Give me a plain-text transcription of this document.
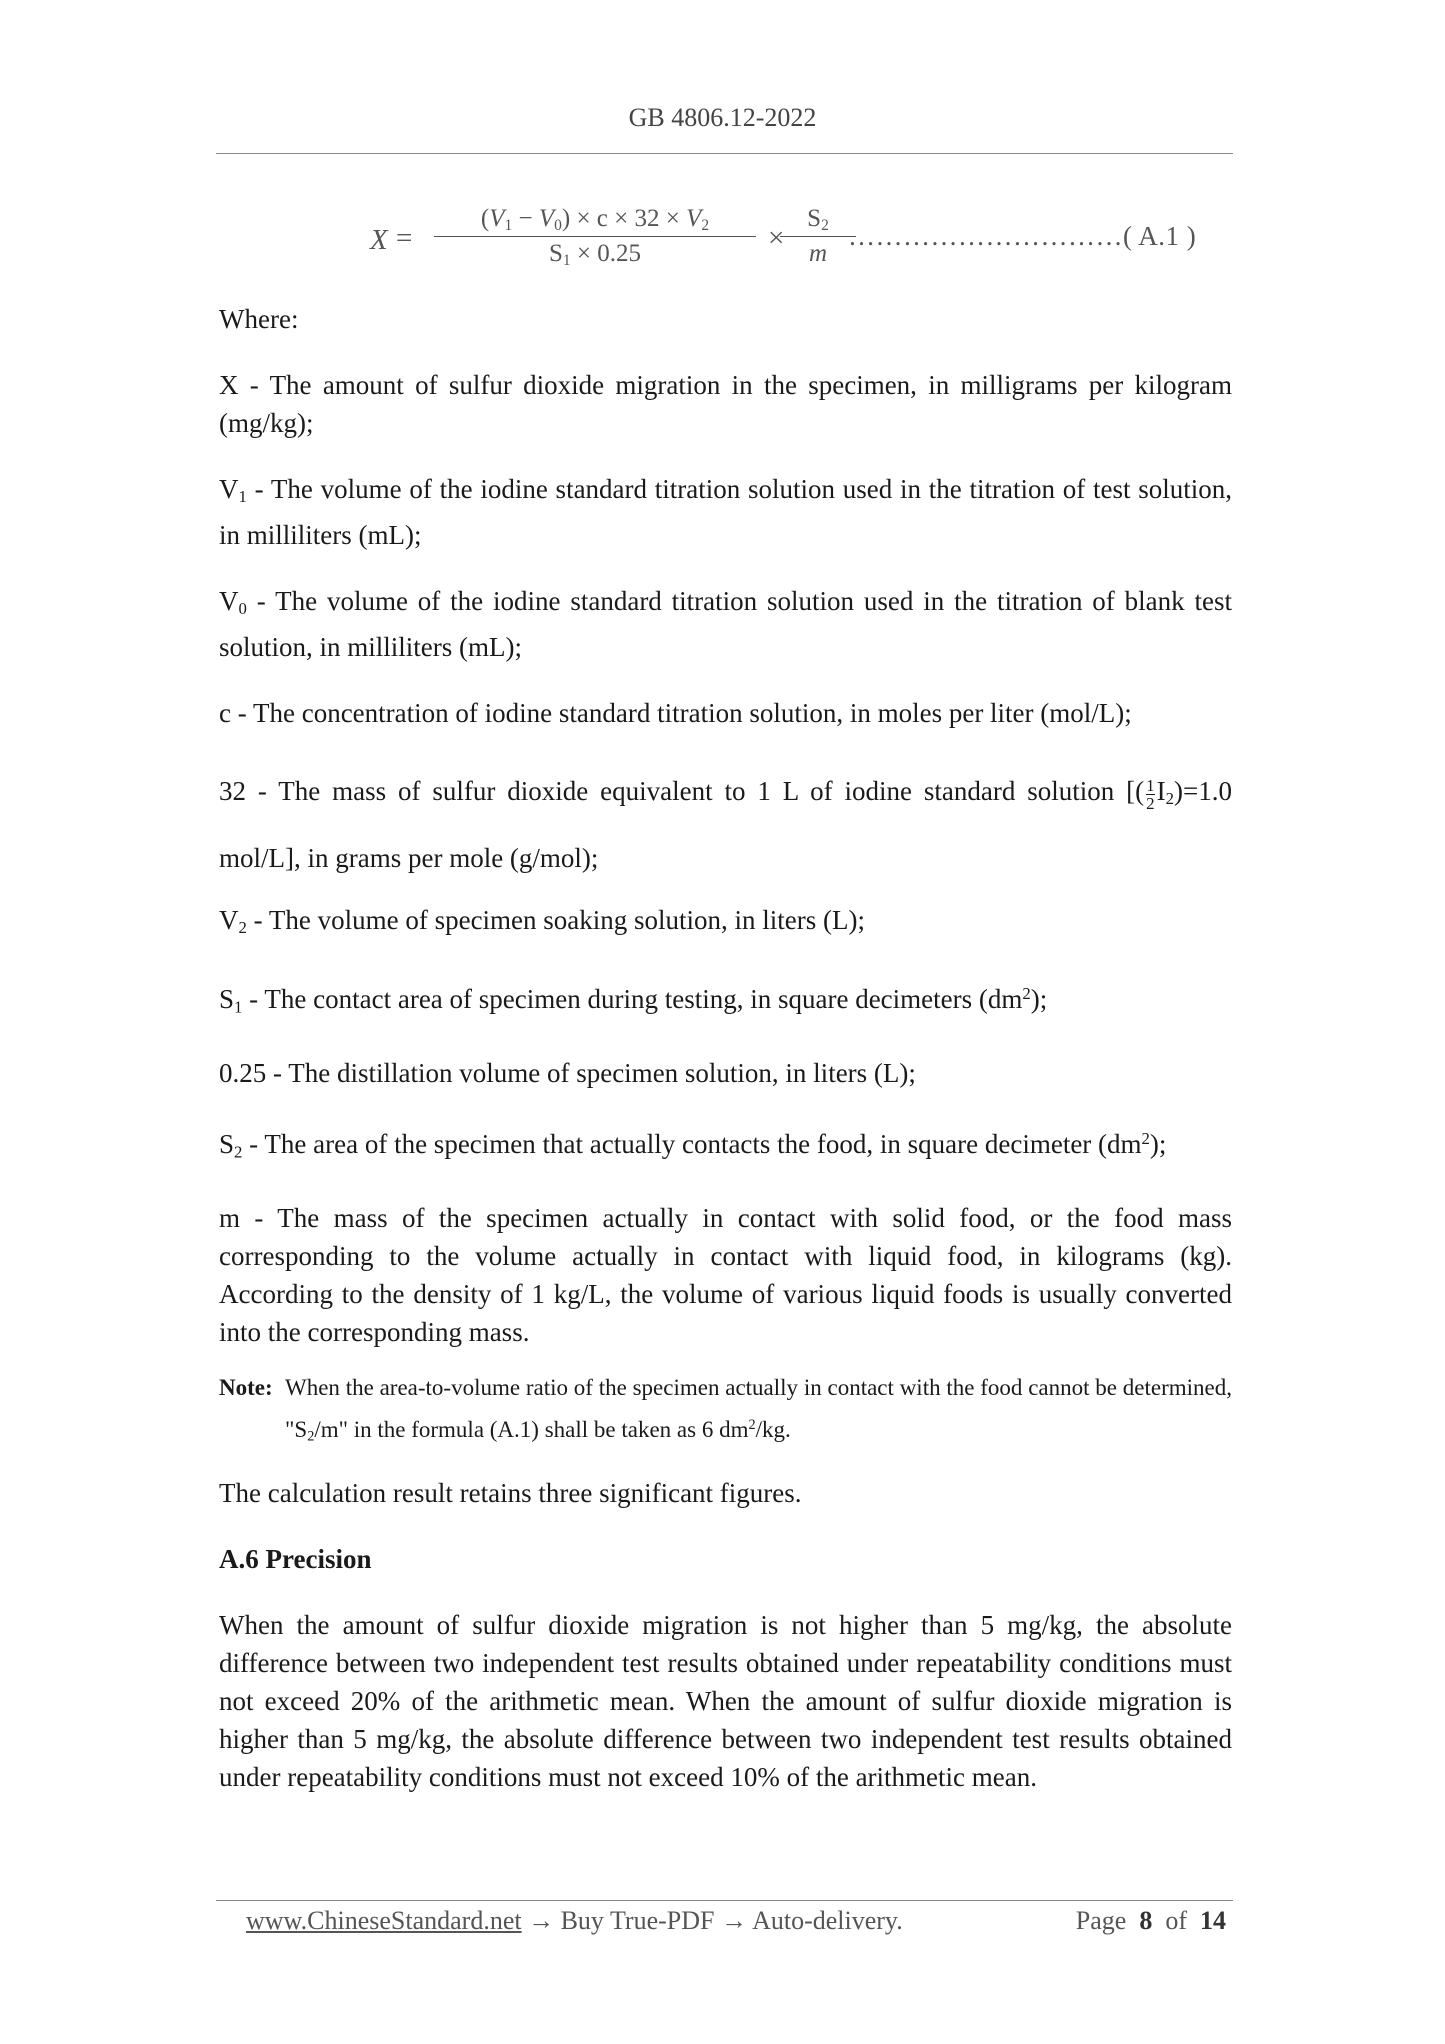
GB 4806.12-2022
X =
$(V_1 - V_0) \times c \times 32 \times V_2$
$S_1 \times 0.25$	×
$S_2$
m
…………………………( A.1 )

Where:

X - The amount of sulfur dioxide migration in the specimen, in milligrams per kilogram (mg/kg);

$V_1$ - The volume of the iodine standard titration solution used in the titration of test solution, in milliliters (mL);

$V_0$ - The volume of the iodine standard titration solution used in the titration of blank test solution, in milliliters (mL);

c - The concentration of iodine standard titration solution, in moles per liter (mol/L);

32 - The mass of sulfur dioxide equivalent to 1 L of iodine standard solution [( $\frac{1}{2} I_2)=1.0$ mol/L], in grams per mole (g/mol);

$V_2$ - The volume of specimen soaking solution, in liters (L);

$S_1$ - The contact area of specimen during testing, in square decimeters $(dm^2)$;

0.25 - The distillation volume of specimen solution, in liters (L);

$S_2$ - The area of the specimen that actually contacts the food, in square decimeter $(dm^2)$;

m - The mass of the specimen actually in contact with solid food, or the food mass corresponding to the volume actually in contact with liquid food, in kilograms (kg). According to the density of 1 kg/L, the volume of various liquid foods is usually converted into the corresponding mass.

Note: When the area-to-volume ratio of the specimen actually in contact with the food cannot be determined, "$S_2/m$" in the formula (A.1) shall be taken as 6 $dm^2/kg$.

The calculation result retains three significant figures.

A.6 Precision

When the amount of sulfur dioxide migration is not higher than 5 mg/kg, the absolute difference between two independent test results obtained under repeatability conditions must not exceed 20% of the arithmetic mean. When the amount of sulfur dioxide migration is higher than 5 mg/kg, the absolute difference between two independent test results obtained under repeatability conditions must not exceed 10% of the arithmetic mean.

www.ChineseStandard.net → Buy True-PDF → Auto-delivery.	Page 8 of 14
